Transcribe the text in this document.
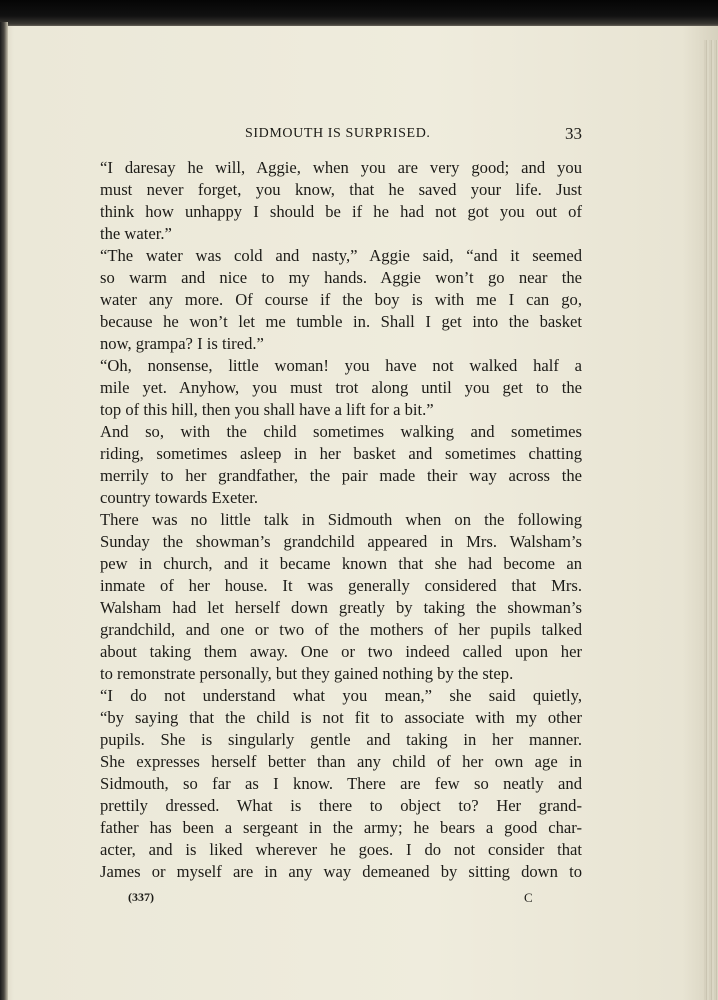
SIDMOUTH IS SURPRISED.	33
“I daresay he will, Aggie, when you are very good; and you
must never forget, you know, that he saved your life. Just
think how unhappy I should be if he had not got you out of
the water.”
“The water was cold and nasty,” Aggie said, “and it seemed
so warm and nice to my hands. Aggie won’t go near the
water any more. Of course if the boy is with me I can go,
because he won’t let me tumble in. Shall I get into the basket
now, grampa? I is tired.”
“Oh, nonsense, little woman! you have not walked half a
mile yet. Anyhow, you must trot along until you get to the
top of this hill, then you shall have a lift for a bit.”
And so, with the child sometimes walking and sometimes
riding, sometimes asleep in her basket and sometimes chatting
merrily to her grandfather, the pair made their way across the
country towards Exeter.
There was no little talk in Sidmouth when on the following
Sunday the showman’s grandchild appeared in Mrs. Walsham’s
pew in church, and it became known that she had become an
inmate of her house. It was generally considered that Mrs.
Walsham had let herself down greatly by taking the showman’s
grandchild, and one or two of the mothers of her pupils talked
about taking them away. One or two indeed called upon her
to remonstrate personally, but they gained nothing by the step.
“I do not understand what you mean,” she said quietly,
“by saying that the child is not fit to associate with my other
pupils. She is singularly gentle and taking in her manner.
She expresses herself better than any child of her own age in
Sidmouth, so far as I know. There are few so neatly and
prettily dressed. What is there to object to? Her grand-
father has been a sergeant in the army; he bears a good char-
acter, and is liked wherever he goes. I do not consider that
James or myself are in any way demeaned by sitting down to
(337)	C
